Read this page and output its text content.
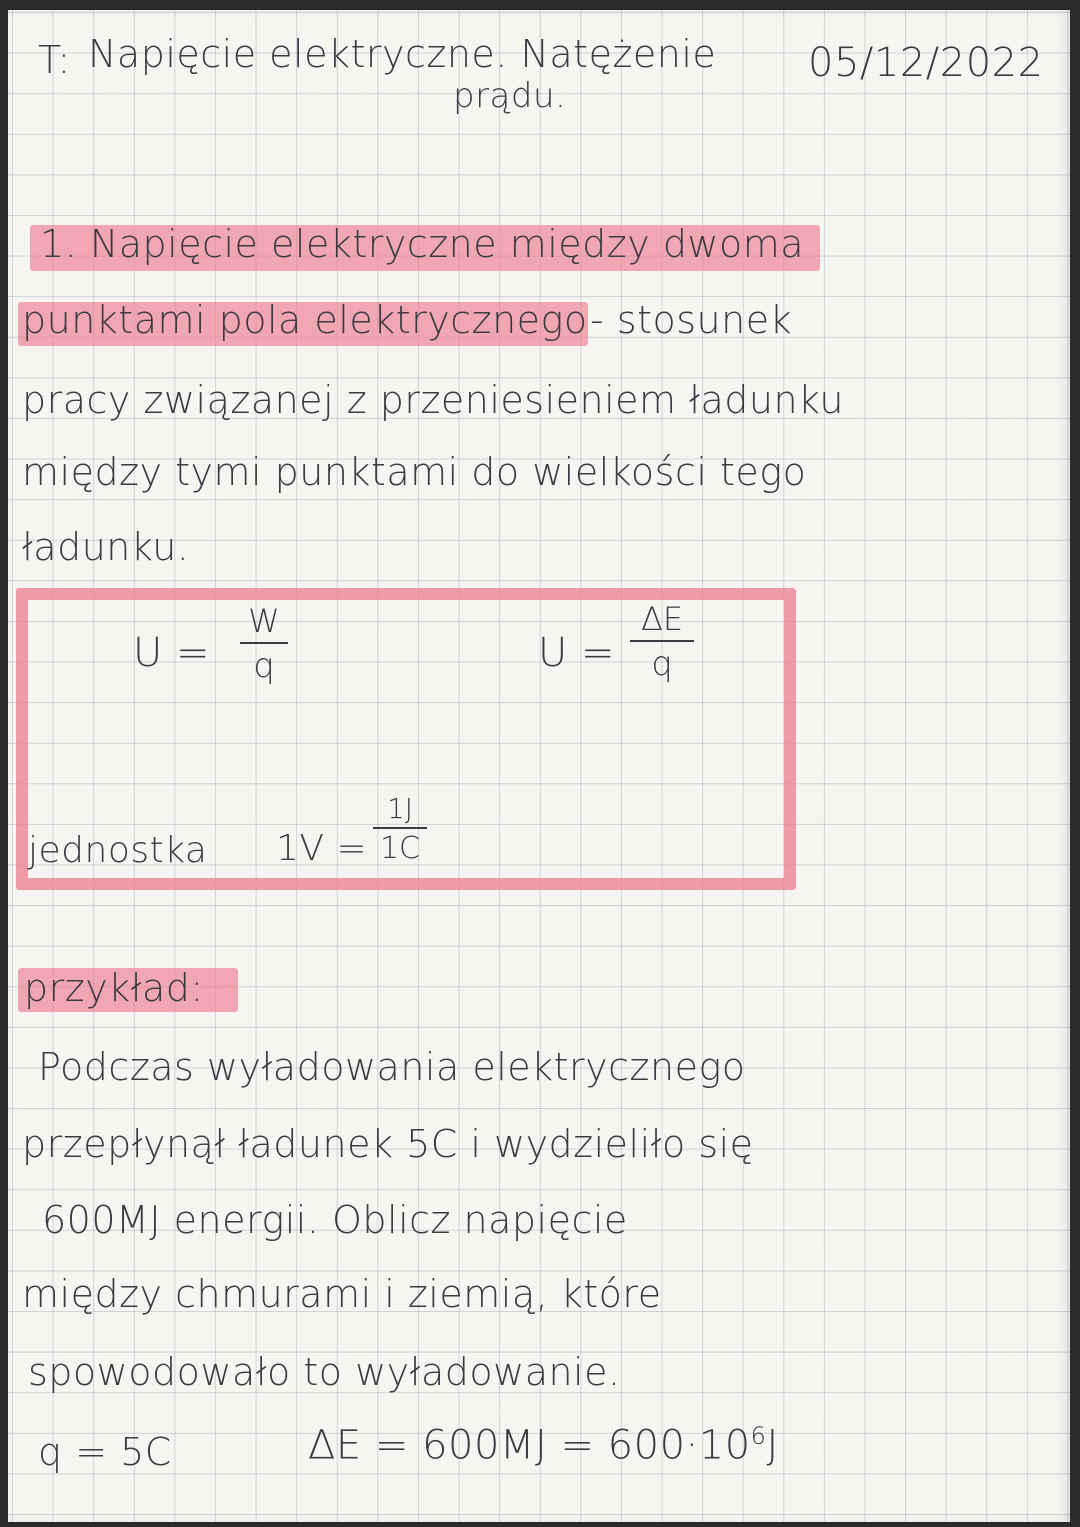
T: Napięcie elektryczne. Natężenie
prądu.
05/12/2022
1. Napięcie elektryczne między dwoma
punktami pola elektrycznego - stosunek
pracy związanej z przeniesieniem ładunku
między tymi punktami do wielkości tego
ładunku.
U =
W
q	U =
ΔE
q
jednostka 1V =
1J
1C
przykład:
Podczas wyładowania elektrycznego
przepłynął ładunek 5C i wydzieliło się
600MJ energii. Oblicz napięcie
między chmurami i ziemią, które
spowodowało to wyładowanie.
q = 5C	$\Delta E = 600MJ = 600\cdot 10^6J$
